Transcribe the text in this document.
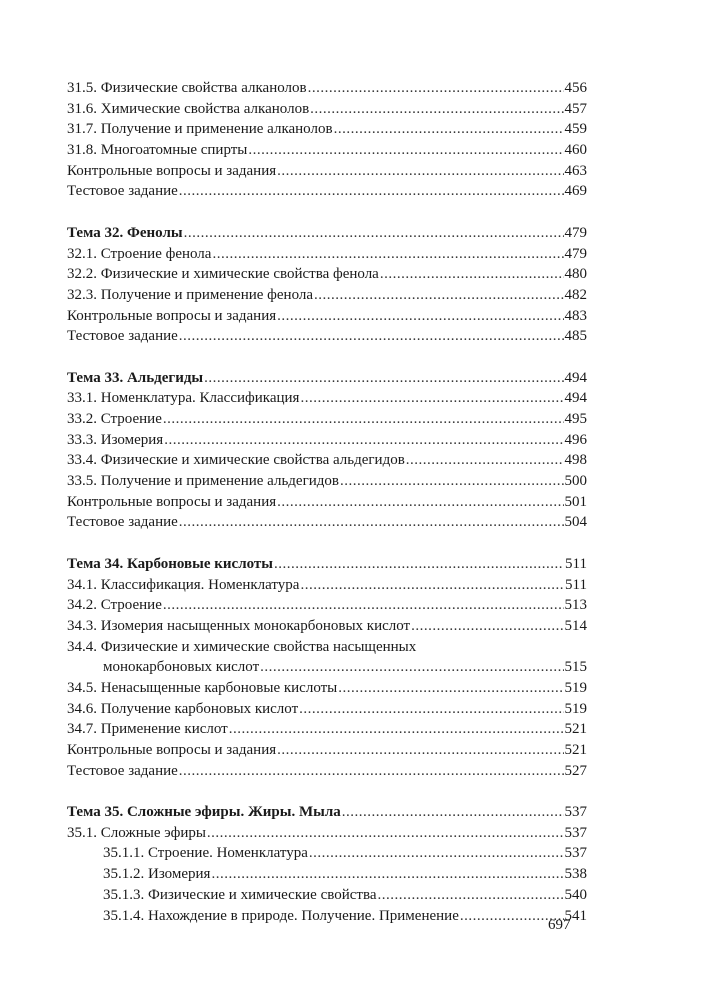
31.5. Физические свойства алканолов .....	456
31.6. Химические свойства алканолов .....	457
31.7. Получение и применение алканолов .....	459
31.8. Многоатомные спирты .....	460
Контрольные вопросы и задания .....	463
Тестовое задание .....	469
Тема 32. Фенолы .....	479
32.1. Строение фенола .....	479
32.2. Физические и химические свойства фенола .....	480
32.3. Получение и применение фенола .....	482
Контрольные вопросы и задания .....	483
Тестовое задание .....	485
Тема 33. Альдегиды .....	494
33.1. Номенклатура. Классификация .....	494
33.2. Строение .....	495
33.3. Изомерия .....	496
33.4. Физические и химические свойства альдегидов .....	498
33.5. Получение и применение альдегидов .....	500
Контрольные вопросы и задания .....	501
Тестовое задание .....	504
Тема 34. Карбоновые кислоты .....	511
34.1. Классификация. Номенклатура .....	511
34.2. Строение .....	513
34.3. Изомерия насыщенных монокарбоновых кислот .....	514
34.4. Физические и химические свойства насыщенных
монокарбоновых кислот .....	515
34.5. Ненасыщенные карбоновые кислоты .....	519
34.6. Получение карбоновых кислот .....	519
34.7. Применение кислот .....	521
Контрольные вопросы и задания .....	521
Тестовое задание .....	527
Тема 35. Сложные эфиры. Жиры. Мыла .....	537
35.1. Сложные эфиры .....	537
35.1.1. Строение. Номенклатура .....	537
35.1.2. Изомерия .....	538
35.1.3. Физические и химические свойства .....	540
35.1.4. Нахождение в природе. Получение. Применение .....	541
697
